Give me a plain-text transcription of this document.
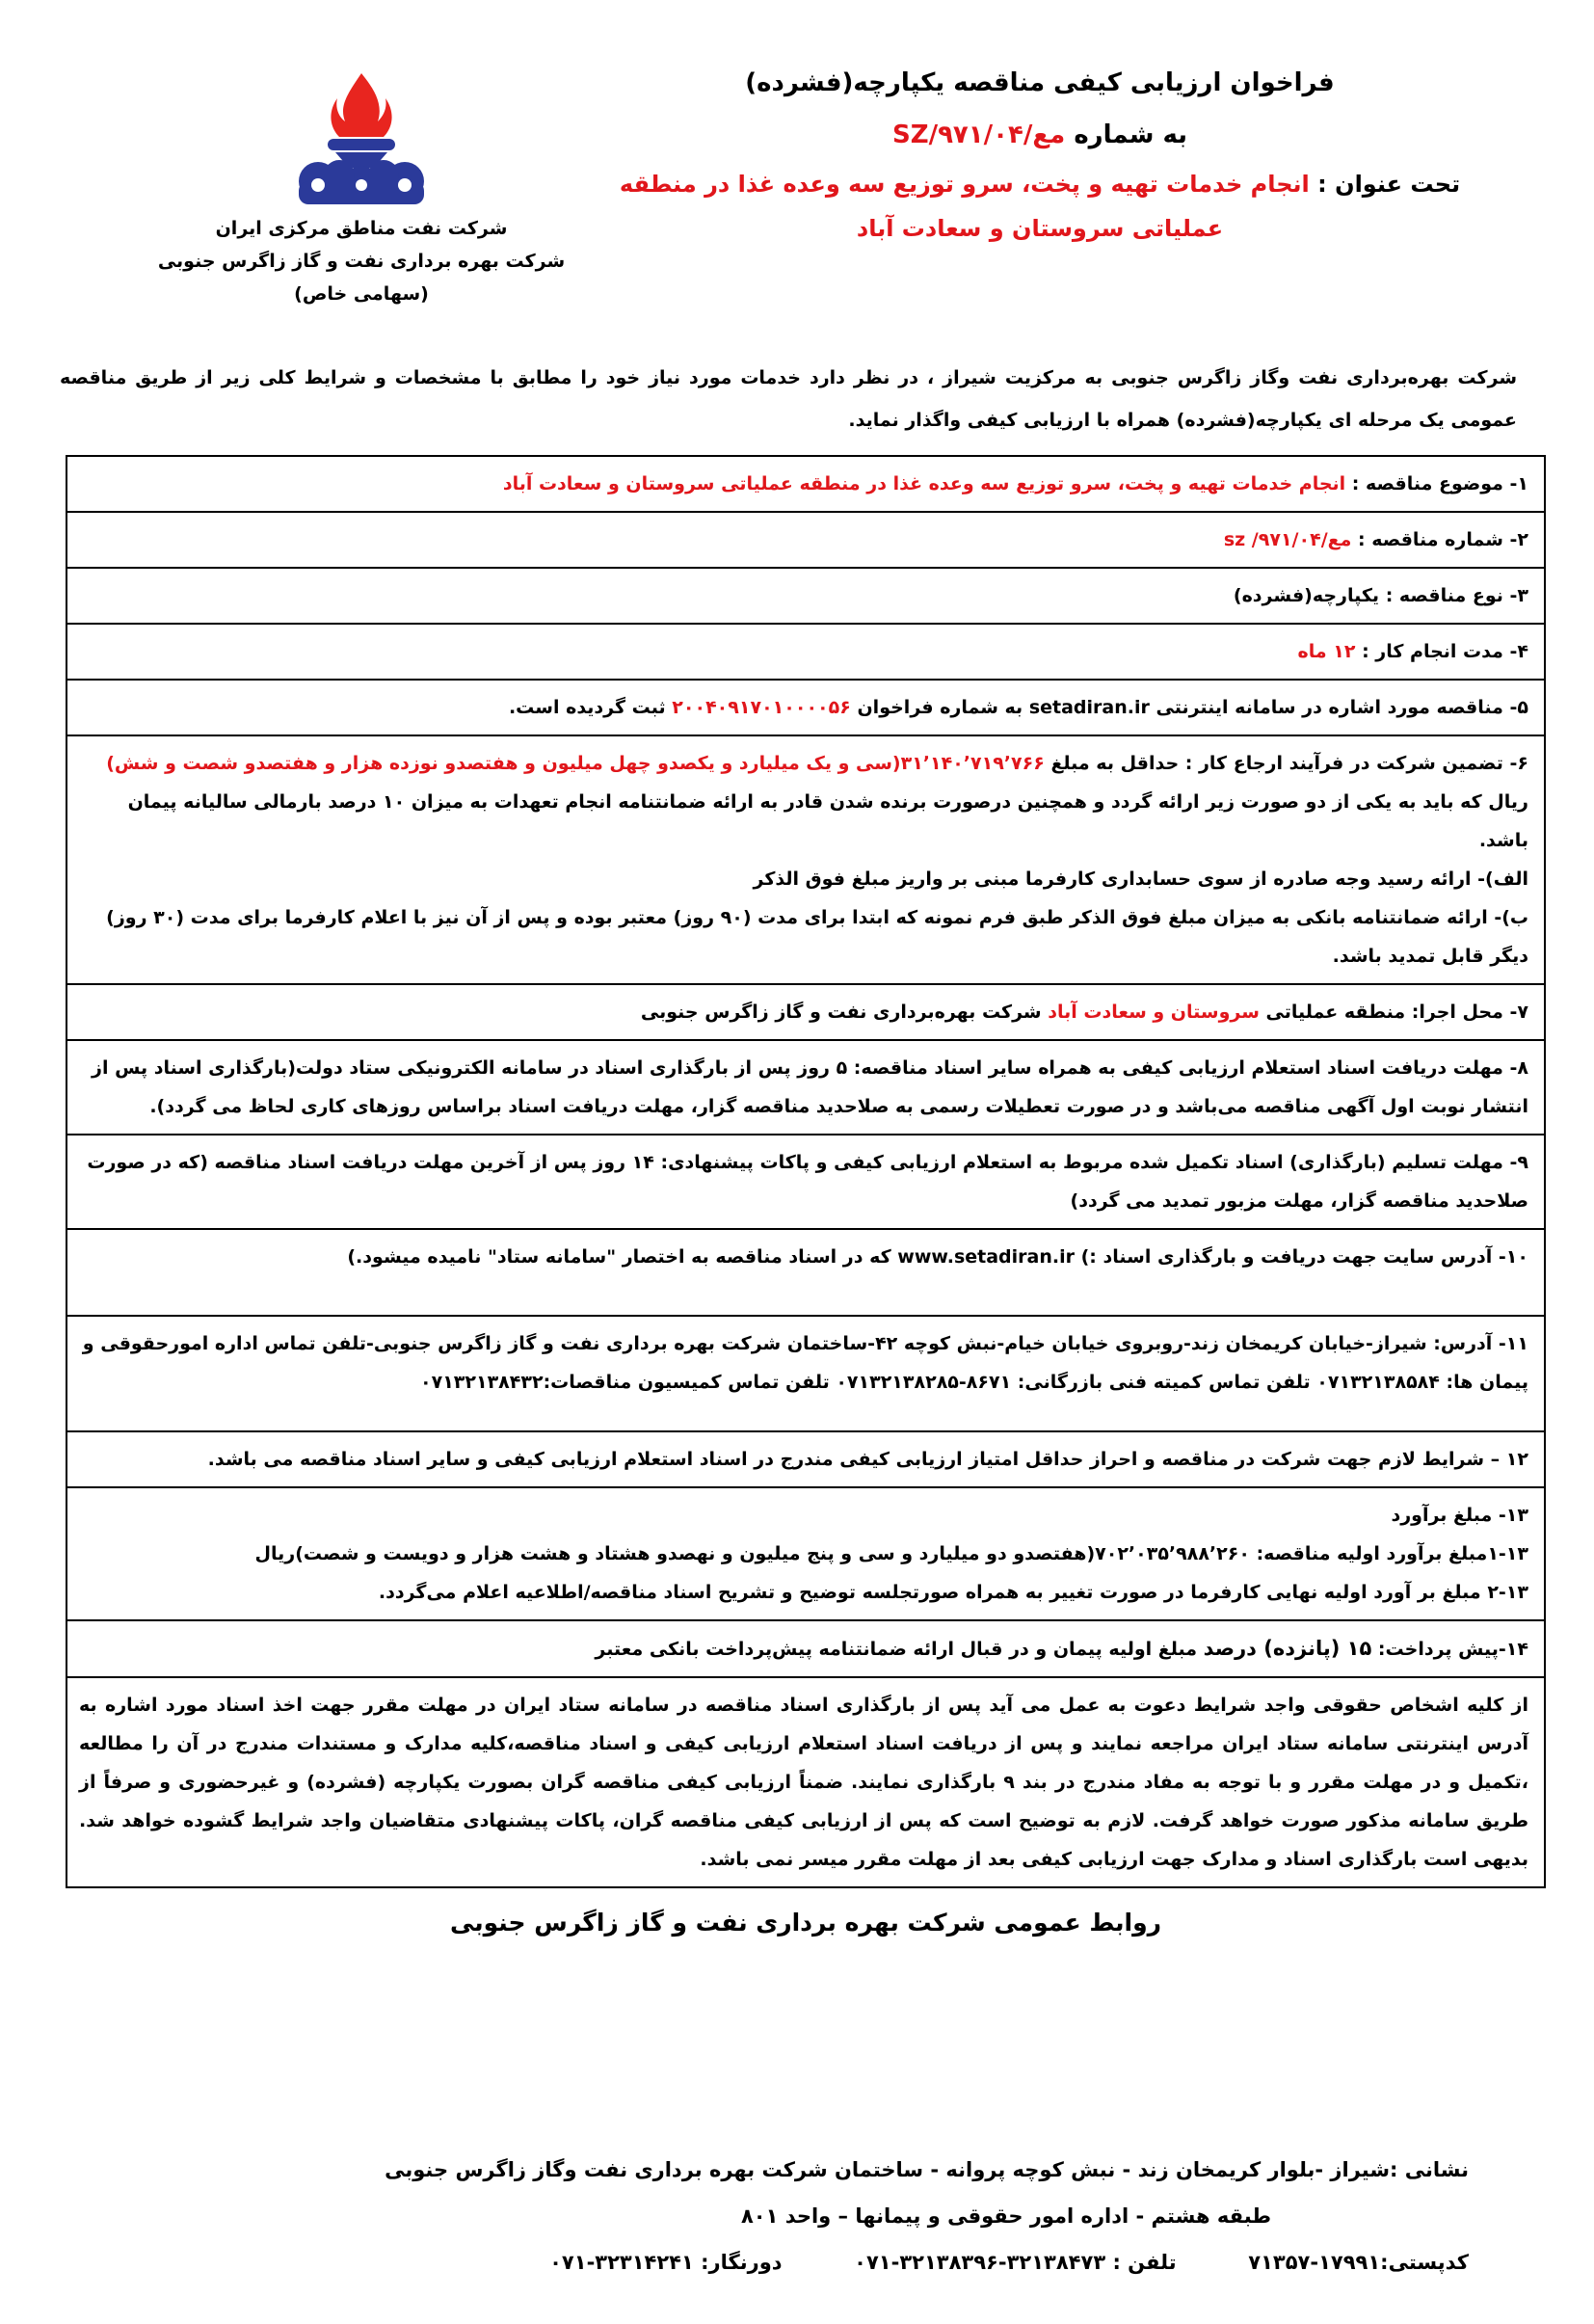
فراخوان ارزیابی کیفی مناقصه یکپارچه(فشرده)
به شماره مع/۹۷۱/۰۴/SZ
تحت عنوان : انجام خدمات تهیه و پخت، سرو توزیع سه وعده غذا در منطقه
عملیاتی سروستان و سعادت آباد
شرکت نفت مناطق مرکزی ایران
شرکت بهره برداری نفت و گاز زاگرس جنوبی
(سهامی خاص)
شرکت بهره‌برداری نفت وگاز زاگرس جنوبی به مرکزیت شیراز ، در نظر دارد خدمات مورد نیاز خود را مطابق با مشخصات و شرایط کلی زیر از طریق مناقصه عمومی یک مرحله ای یکپارچه(فشرده) همراه با ارزیابی کیفی واگذار نماید.
۱- موضوع مناقصه : انجام خدمات تهیه و پخت، سرو توزیع سه وعده غذا در منطقه عملیاتی سروستان و سعادت آباد
۲- شماره مناقصه : مع/۹۷۱/۰۴/ sz
۳- نوع مناقصه : یکپارچه(فشرده)
۴- مدت انجام کار : ۱۲ ماه
۵- مناقصه مورد اشاره در سامانه اینترنتی setadiran.ir به شماره فراخوان ۲۰۰۴۰۹۱۷۰۱۰۰۰۰۵۶ ثبت گردیده است.

۶- تضمین شرکت در فرآیند ارجاع کار : حداقل به مبلغ ۳۱٬۱۴۰٬۷۱۹٬۷۶۶(سی و یک میلیارد و یکصدو چهل میلیون و هفتصدو نوزده هزار و هفتصدو شصت و شش) ریال که باید به یکی از دو صورت زیر ارائه گردد و همچنین درصورت برنده شدن قادر به ارائه ضمانتنامه انجام تعهدات به میزان ۱۰ درصد بارمالی سالیانه پیمان باشد.

الف)- ارائه رسید وجه صادره از سوی حسابداری کارفرما مبنی بر واریز مبلغ فوق الذکر

ب)- ارائه ضمانتنامه بانکی به میزان مبلغ فوق الذکر طبق فرم نمونه که ابتدا برای مدت (۹۰ روز) معتبر بوده و پس از آن نیز با اعلام کارفرما برای مدت (۳۰ روز) دیگر قابل تمدید باشد.

۷- محل اجرا: منطقه عملیاتی سروستان و سعادت آباد شرکت بهره‌برداری نفت و گاز زاگرس جنوبی
۸- مهلت دریافت اسناد استعلام ارزیابی کیفی به همراه سایر اسناد مناقصه: ۵ روز پس از بارگذاری اسناد در سامانه الکترونیکی ستاد دولت(بارگذاری اسناد پس از انتشار نوبت اول آگهی مناقصه می‌باشد و در صورت تعطیلات رسمی به صلاحدید مناقصه گزار، مهلت دریافت اسناد براساس روزهای کاری لحاظ می گردد).
۹- مهلت تسلیم (بارگذاری) اسناد تکمیل شده مربوط به استعلام ارزیابی کیفی و پاکات پیشنهادی: ۱۴ روز پس از آخرین مهلت دریافت اسناد مناقصه (که در صورت صلاحدید مناقصه گزار، مهلت مزبور تمدید می گردد)
۱۰- آدرس سایت جهت دریافت و بارگذاری اسناد :) www.setadiran.ir که در اسناد مناقصه به اختصار "سامانه ستاد" نامیده میشود.)
۱۱- آدرس: شیراز-خیابان کریمخان زند-روبروی خیابان خیام-نبش کوچه ۴۲-ساختمان شرکت بهره برداری نفت و گاز زاگرس جنوبی-تلفن تماس اداره امورحقوقی و پیمان ها: ۰۷۱۳۲۱۳۸۵۸۴ تلفن تماس کمیته فنی بازرگانی: ۸۶۷۱-۰۷۱۳۲۱۳۸۲۸۵ تلفن تماس کمیسیون مناقصات:۰۷۱۳۲۱۳۸۴۳۲
۱۲ – شرایط لازم جهت شرکت در مناقصه و احراز حداقل امتیاز ارزیابی کیفی مندرج در اسناد استعلام ارزیابی کیفی و سایر اسناد مناقصه می باشد.

۱۳- مبلغ برآورد

۱-۱۳مبلغ برآورد اولیه مناقصه: ۷۰۲٬۰۳۵٬۹۸۸٬۲۶۰(هفتصدو دو میلیارد و سی و پنج میلیون و نهصدو هشتاد و هشت هزار و دویست و شصت)ریال

۲-۱۳ مبلغ بر آورد اولیه نهایی کارفرما در صورت تغییر به همراه صورتجلسه توضیح و تشریح اسناد مناقصه/اطلاعیه اعلام می‌گردد.

۱۴-پیش پرداخت: ۱۵ (پانزده) درصد مبلغ اولیه پیمان و در قبال ارائه ضمانتنامه پیش‌پرداخت بانکی معتبر
از کلیه اشخاص حقوقی واجد شرایط دعوت به عمل می آید پس از بارگذاری اسناد مناقصه در سامانه ستاد ایران در مهلت مقرر جهت اخذ اسناد مورد اشاره به آدرس اینترنتی سامانه ستاد ایران مراجعه نمایند و پس از دریافت اسناد استعلام ارزیابی کیفی و اسناد مناقصه،کلیه مدارک و مستندات مندرج در آن را مطالعه ،تکمیل و در مهلت مقرر و با توجه به مفاد مندرج در بند ۹ بارگذاری نمایند. ضمناً ارزیابی کیفی مناقصه گران بصورت یکپارچه (فشرده) و غیرحضوری و صرفاً از طریق سامانه مذکور صورت خواهد گرفت. لازم به توضیح است که پس از ارزیابی کیفی مناقصه گران، پاکات پیشنهادی متقاضیان واجد شرایط گشوده خواهد شد. بدیهی است بارگذاری اسناد و مدارک جهت ارزیابی کیفی بعد از مهلت مقرر میسر نمی باشد.
روابط عمومی شرکت بهره برداری نفت و گاز زاگرس جنوبی
نشانی :شیراز -بلوار کریمخان زند - نبش کوچه پروانه - ساختمان شرکت بهره برداری نفت وگاز زاگرس جنوبی
طبقه هشتم - اداره امور حقوقی و پیمانها – واحد ۸۰۱
کدپستی:۱۷۹۹۱-۷۱۳۵۷  تلفن : ۳۲۱۳۸۴۷۳-۳۲۱۳۸۳۹۶-۰۷۱  دورنگار: ۳۲۳۱۴۲۴۱-۰۷۱
